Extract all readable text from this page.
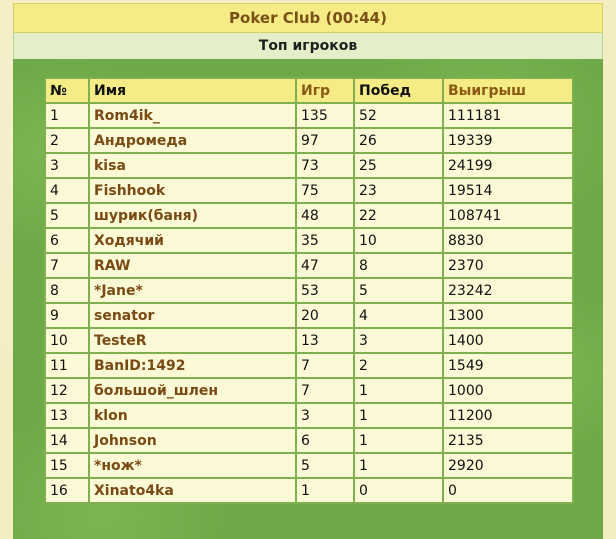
Poker Club (00:44)
Топ игроков
№	Имя	Игр	Побед	Выигрыш
1	Rom4ik_	135	52	111181
2	Андромеда	97	26	19339
3	kisa	73	25	24199
4	Fishhook	75	23	19514
5	шурик(баня)	48	22	108741
6	Ходячий	35	10	8830
7	RAW	47	8	2370
8	*Jane*	53	5	23242
9	senator	20	4	1300
10	TesteR	13	3	1400
11	BanID:1492	7	2	1549
12	большой_шлен	7	1	1000
13	klon	3	1	11200
14	Johnson	6	1	2135
15	*нож*	5	1	2920
16	Xinato4ka	1	0	0
